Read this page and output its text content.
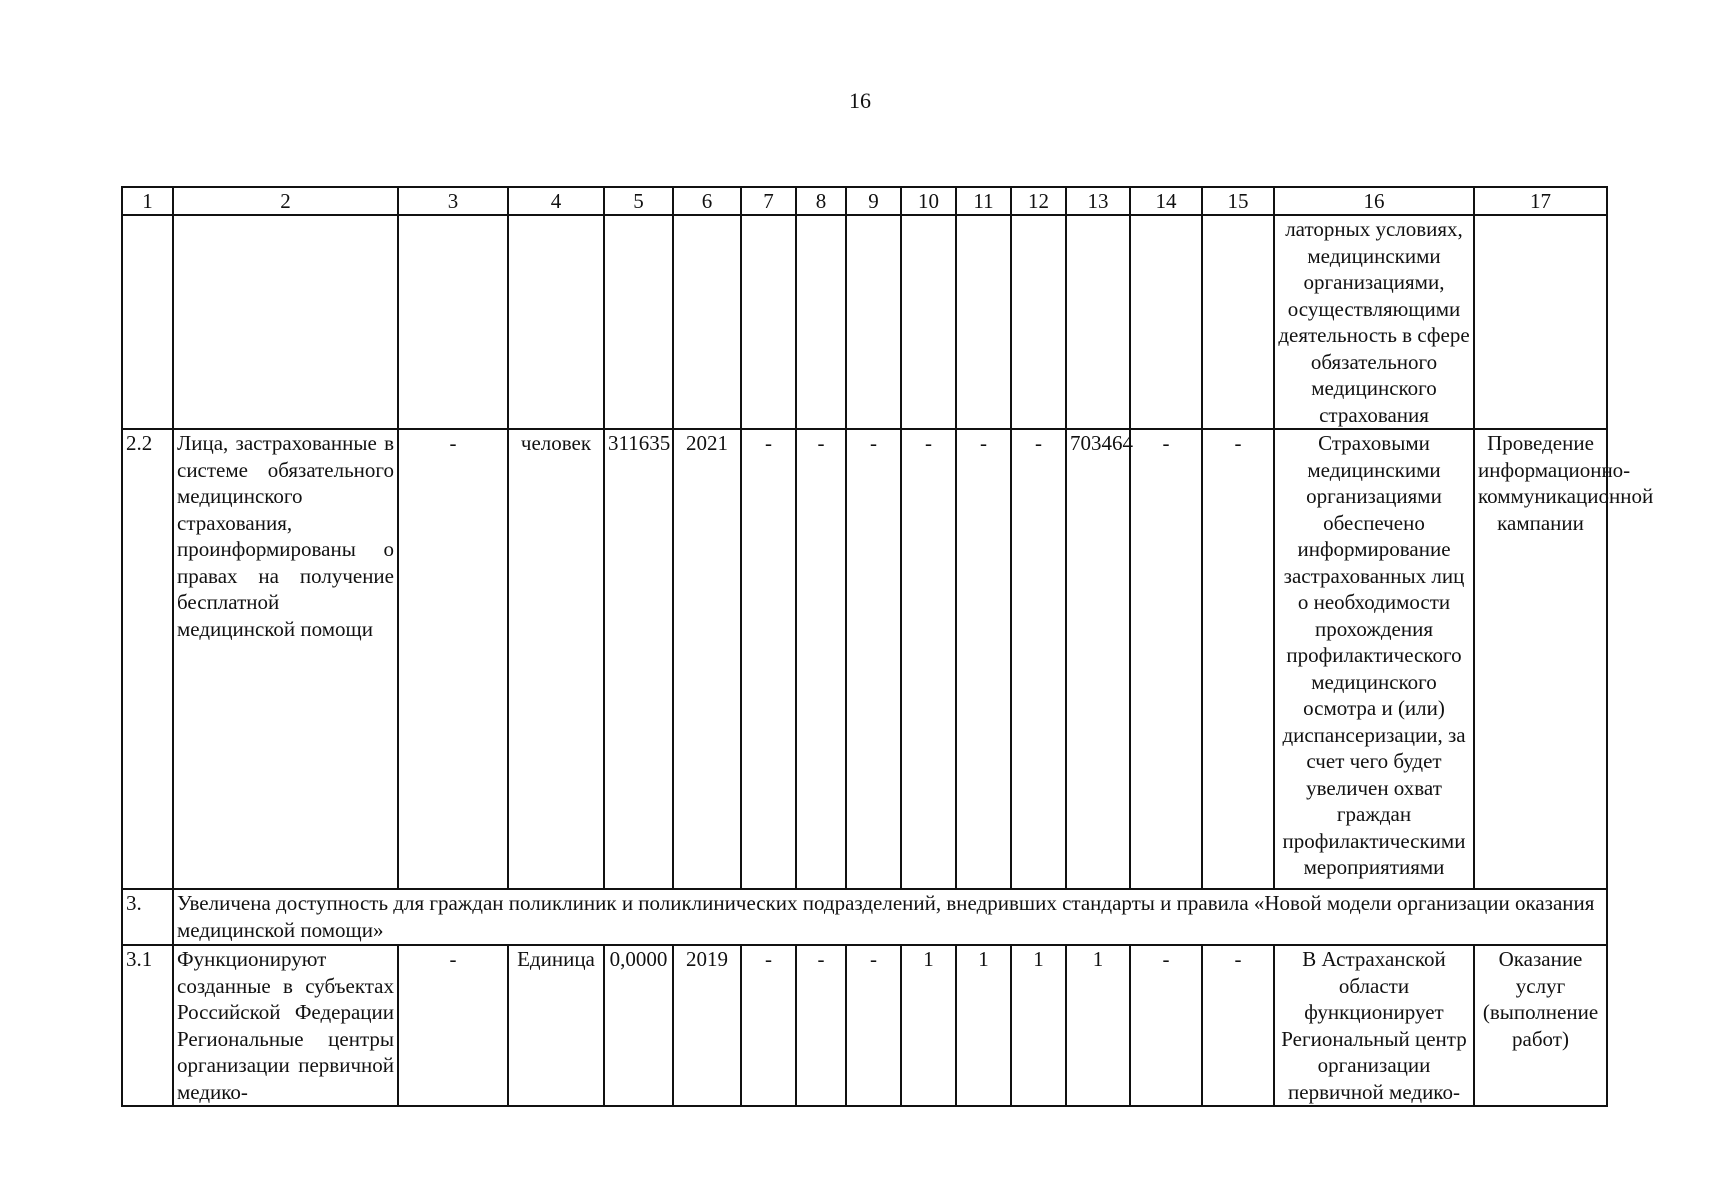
16
1	2	3	4	5	6	7	8	9	10	11	12	13	14	15	16	17
															латорных условиях, медицинскими организациями, осуществляющими деятельность в сфере обязательного медицинского страхования	
2.2	Лица, застрахованные в системе обязательного медицинского страхования, проинформированы о правах на получение бесплатной медицинской помощи	-	человек	311635	2021	-	-	-	-	-	-	703464	-	-	Страховыми медицинскими организациями обеспечено информирование застрахованных лиц о необходимости прохождения профилактического медицинского осмотра и (или) диспансеризации, за счет чего будет увеличен охват граждан профилактическими мероприятиями	Проведение информационно-коммуникационной кампании
3.	Увеличена доступность для граждан поликлиник и поликлинических подразделений, внедривших стандарты и правила «Новой модели организации оказания медицинской помощи»															
3.1	Функционируют созданные в субъектах Российской Федерации Региональные центры организации первичной медико-	-	Единица	0,0000	2019	-	-	-	1	1	1	1	-	-	В Астраханской области функционирует Региональный центр организации первичной медико-	Оказание услуг (выполнение работ)
